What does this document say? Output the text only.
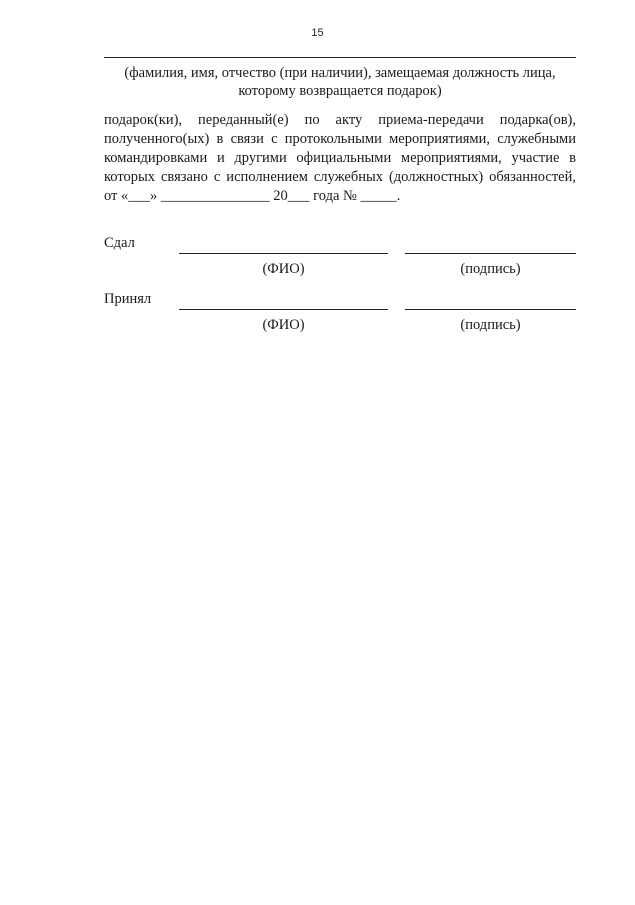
15
(фамилия, имя, отчество (при наличии), замещаемая должность лица,
которому возвращается подарок)
подарок(ки), переданный(е) по акту приема-передачи подарка(ов),
полученного(ых) в связи с протокольными мероприятиями, служебными
командировками и другими официальными мероприятиями, участие в
которых связано с исполнением служебных (должностных) обязанностей,
от «___» _______________ 20___ года № _____.
Сдал
(ФИО)	(подпись)
Принял
(ФИО)	(подпись)
